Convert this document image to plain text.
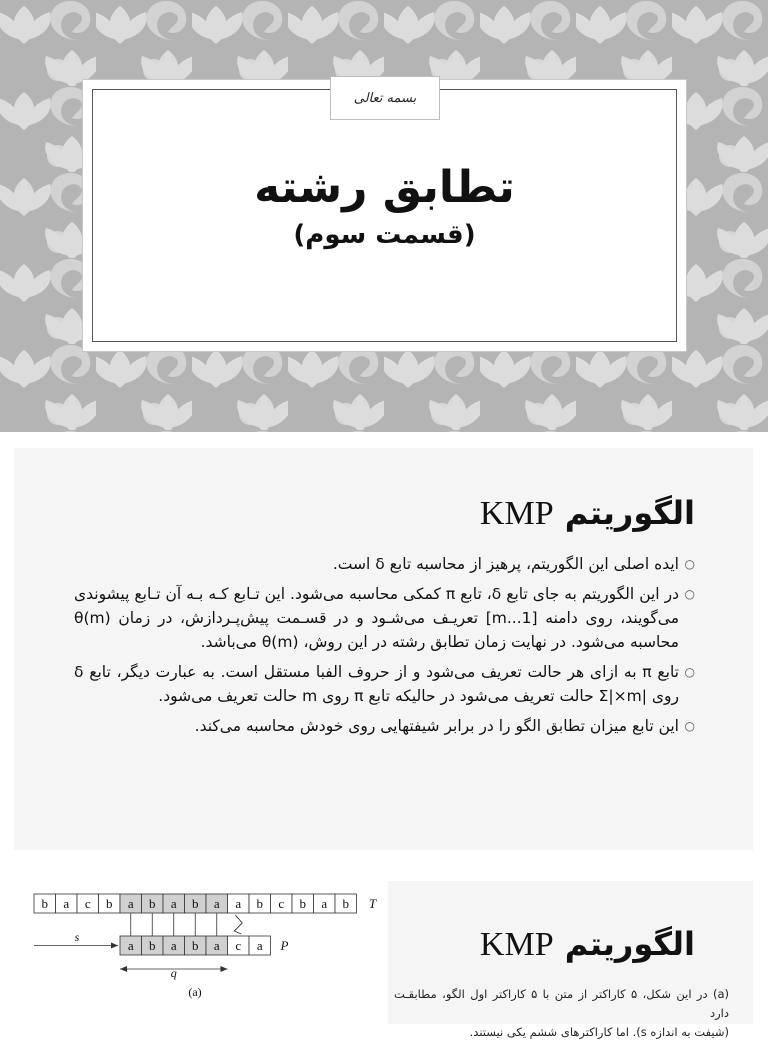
بسمه تعالی
تطابق رشته
(قسمت سوم)
الگوریتم KMP
○
ایده اصلی این الگوریتم، پرهیز از محاسبه تابع δ است.
○
در این الگوریتم به جای تابع δ، تابع π کمکی محاسبه می‌شود. این تـابع کـه بـه آن تـابع پیشوندی می‌گویند، روی دامنه [1...m] تعریـف می‌شـود و در قسـمت پیش‌پـردازش، در زمان θ(m) محاسبه می‌شود. در نهایت زمان تطابق رشته در این روش، θ(m) می‌باشد.
○
تابع π به ازای هر حالت تعریف می‌شود و از حروف الفبا مستقل است. به عبارت دیگر، تابع δ روی |Σ|×m حالت تعریف می‌شود در حالیکه تابع π روی m حالت تعریف می‌شود.
○
این تابع میزان تطابق الگو را در برابر شیفتهایی روی خودش محاسبه می‌کند.
b a c b a b a b a a b c b a b T
a b a b a c a P
s
q
(a)
الگوریتم KMP
(a) در این شکل، ۵ کاراکتر از متن با ۵ کاراکتر اول الگو، مطابقـت دارد
(شیفت به اندازه s). اما کاراکترهای ششم یکی نیستند.
